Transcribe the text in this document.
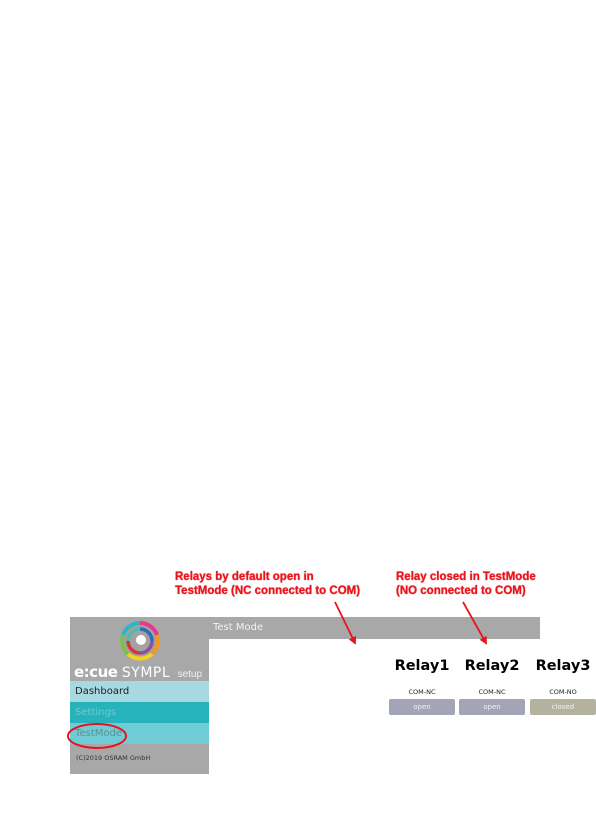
Relays by default open in
TestMode (NC connected to COM)
Relay closed in TestMode
(NO connected to COM)
e:cue SYMPL setup
Dashboard
Settings
TestMode
(C)2019 OSRAM GmbH
Test Mode
Relay1
COM-NC
open
Relay2
COM-NC
open
Relay3
COM-NO
closed
